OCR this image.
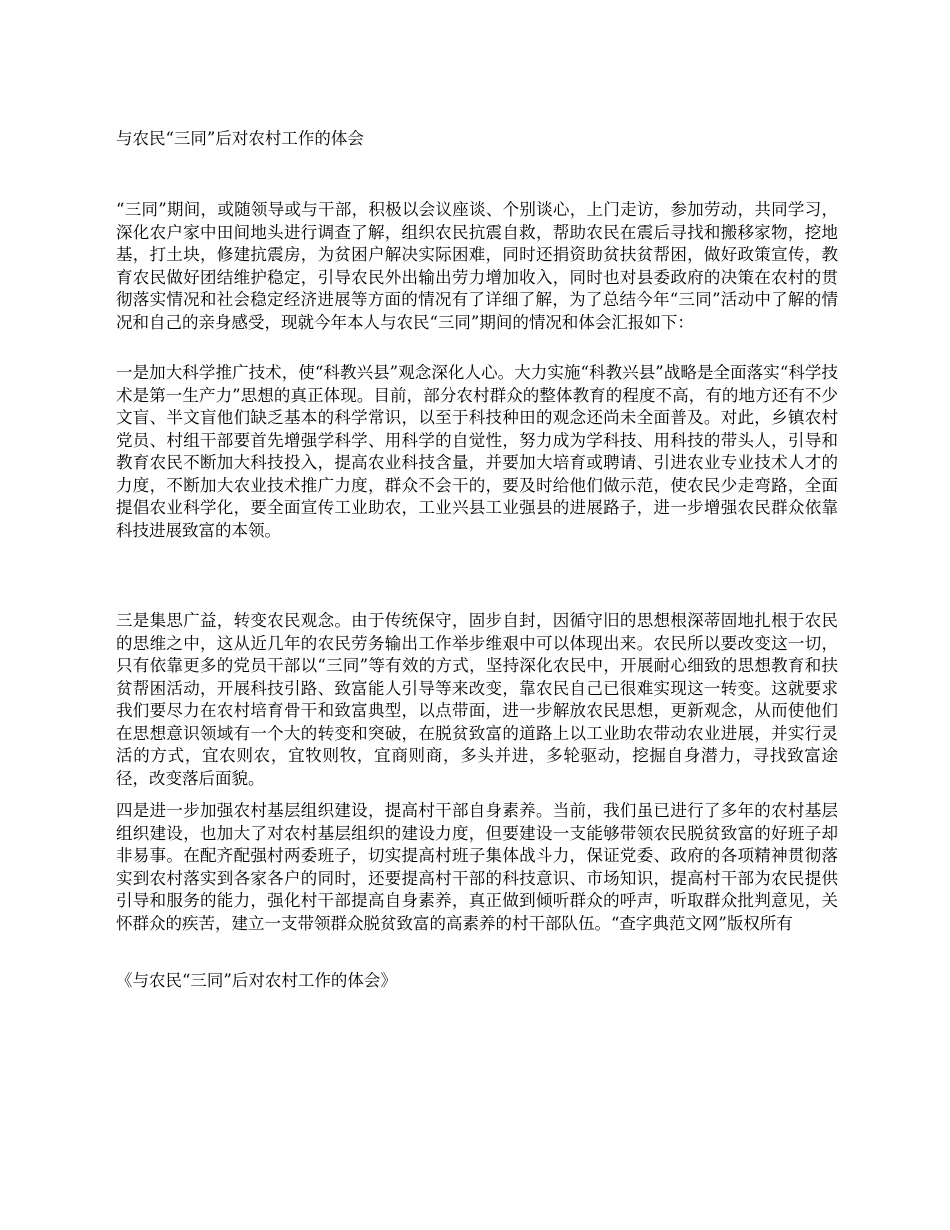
与农民“三同”后对农村工作的体会

“三同”期间，或随领导或与干部，积极以会议座谈、个别谈心，上门走访，参加劳动，共同学习，深化农户家中田间地头进行调查了解，组织农民抗震自救，帮助农民在震后寻找和搬移家物，挖地基，打土块，修建抗震房，为贫困户解决实际困难，同时还捐资助贫扶贫帮困，做好政策宣传，教育农民做好团结维护稳定，引导农民外出输出劳力增加收入，同时也对县委政府的决策在农村的贯彻落实情况和社会稳定经济进展等方面的情况有了详细了解，为了总结今年“三同”活动中了解的情况和自己的亲身感受，现就今年本人与农民“三同”期间的情况和体会汇报如下：

一是加大科学推广技术，使“科教兴县”观念深化人心。大力实施“科教兴县”战略是全面落实“科学技术是第一生产力”思想的真正体现。目前，部分农村群众的整体教育的程度不高，有的地方还有不少文盲、半文盲他们缺乏基本的科学常识，以至于科技种田的观念还尚未全面普及。对此，乡镇农村党员、村组干部要首先增强学科学、用科学的自觉性，努力成为学科技、用科技的带头人，引导和教育农民不断加大科技投入，提高农业科技含量，并要加大培育或聘请、引进农业专业技术人才的力度，不断加大农业技术推广力度，群众不会干的，要及时给他们做示范，使农民少走弯路，全面提倡农业科学化，要全面宣传工业助农，工业兴县工业强县的进展路子，进一步增强农民群众依靠科技进展致富的本领。

三是集思广益，转变农民观念。由于传统保守，固步自封，因循守旧的思想根深蒂固地扎根于农民的思维之中，这从近几年的农民劳务输出工作举步维艰中可以体现出来。农民所以要改变这一切，只有依靠更多的党员干部以“三同”等有效的方式，坚持深化农民中，开展耐心细致的思想教育和扶贫帮困活动，开展科技引路、致富能人引导等来改变，靠农民自己已很难实现这一转变。这就要求我们要尽力在农村培育骨干和致富典型，以点带面，进一步解放农民思想，更新观念，从而使他们在思想意识领域有一个大的转变和突破，在脱贫致富的道路上以工业助农带动农业进展，并实行灵活的方式，宜农则农，宜牧则牧，宜商则商，多头并进，多轮驱动，挖掘自身潜力，寻找致富途径，改变落后面貌。

四是进一步加强农村基层组织建设，提高村干部自身素养。当前，我们虽已进行了多年的农村基层组织建设，也加大了对农村基层组织的建设力度，但要建设一支能够带领农民脱贫致富的好班子却非易事。在配齐配强村两委班子，切实提高村班子集体战斗力，保证党委、政府的各项精神贯彻落实到农村落实到各家各户的同时，还要提高村干部的科技意识、市场知识，提高村干部为农民提供引导和服务的能力，强化村干部提高自身素养，真正做到倾听群众的呼声，听取群众批判意见，关怀群众的疾苦，建立一支带领群众脱贫致富的高素养的村干部队伍。“查字典范文网”版权所有

《与农民“三同”后对农村工作的体会》
